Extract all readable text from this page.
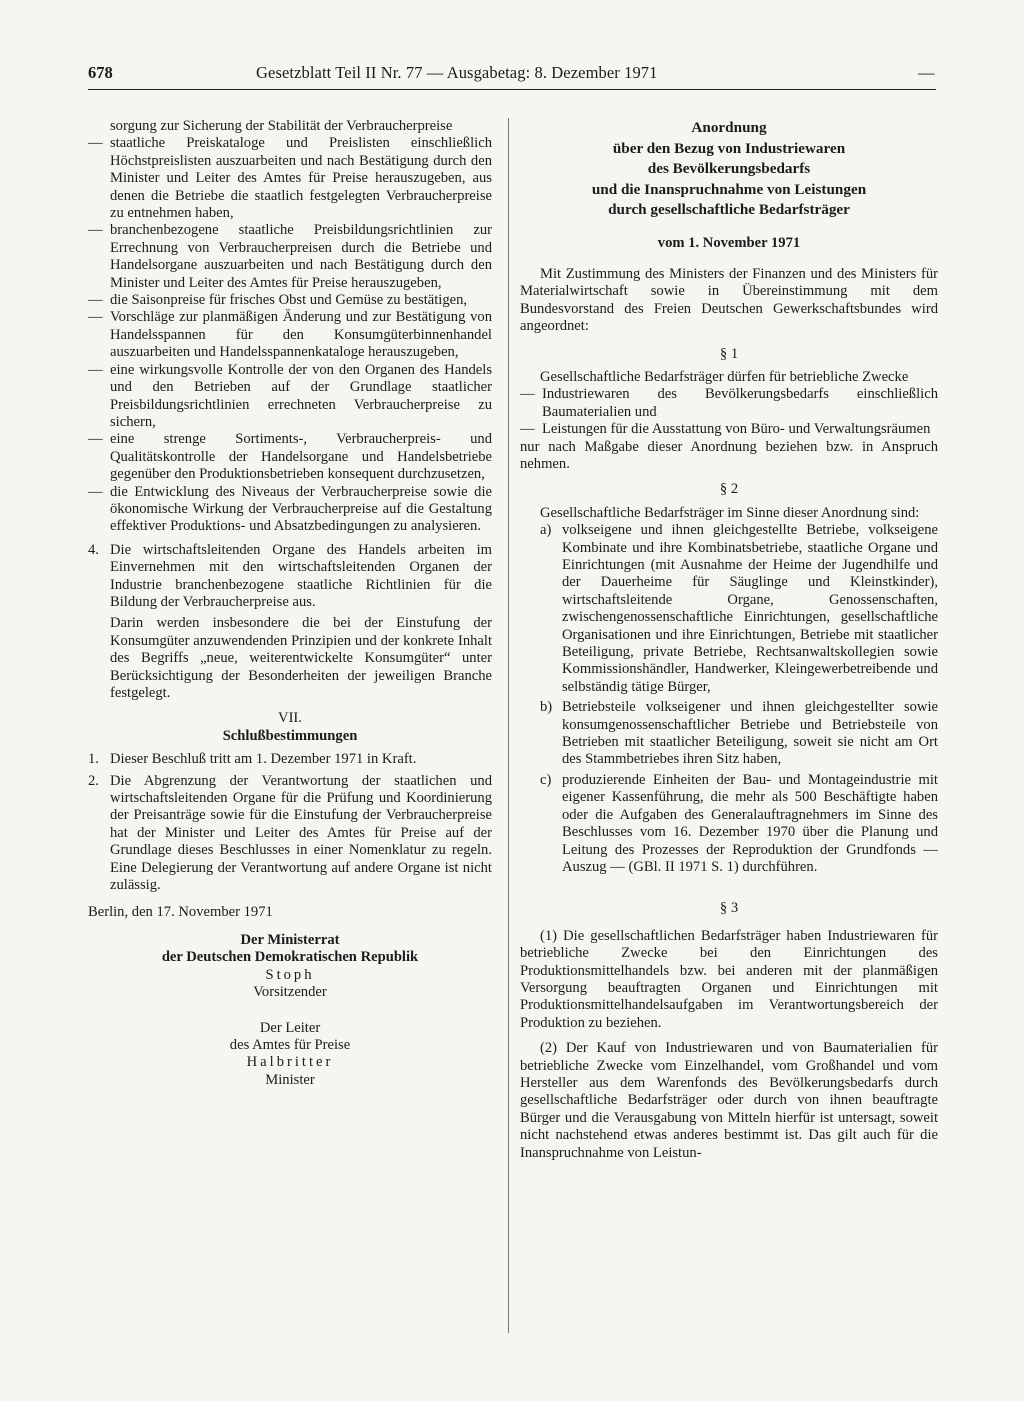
678	Gesetzblatt Teil II Nr. 77 — Ausgabetag: 8. Dezember 1971	—

sorgung zur Sicherung der Stabilität der Verbraucherpreise

— staatliche Preiskataloge und Preislisten einschließlich Höchstpreislisten auszuarbeiten und nach Bestätigung durch den Minister und Leiter des Amtes für Preise herauszugeben, aus denen die Betriebe die staatlich festgelegten Verbraucherpreise zu entnehmen haben,
— branchenbezogene staatliche Preisbildungsrichtlinien zur Errechnung von Verbraucherpreisen durch die Betriebe und Handelsorgane auszuarbeiten und nach Bestätigung durch den Minister und Leiter des Amtes für Preise herauszugeben,
— die Saisonpreise für frisches Obst und Gemüse zu bestätigen,
— Vorschläge zur planmäßigen Änderung und zur Bestätigung von Handelsspannen für den Konsumgüterbinnenhandel auszuarbeiten und Handelsspannenkataloge herauszugeben,
— eine wirkungsvolle Kontrolle der von den Organen des Handels und den Betrieben auf der Grundlage staatlicher Preisbildungsrichtlinien errechneten Verbraucherpreise zu sichern,
— eine strenge Sortiments-, Verbraucherpreis- und Qualitätskontrolle der Handelsorgane und Handelsbetriebe gegenüber den Produktionsbetrieben konsequent durchzusetzen,
— die Entwicklung des Niveaus der Verbraucherpreise sowie die ökonomische Wirkung der Verbraucherpreise auf die Gestaltung effektiver Produktions- und Absatzbedingungen zu analysieren.
4. Die wirtschaftsleitenden Organe des Handels arbeiten im Einvernehmen mit den wirtschaftsleitenden Organen der Industrie branchenbezogene staatliche Richtlinien für die Bildung der Verbraucherpreise aus.

Darin werden insbesondere die bei der Einstufung der Konsumgüter anzuwendenden Prinzipien und der konkrete Inhalt des Begriffs „neue, weiterentwickelte Konsumgüter“ unter Berücksichtigung der Besonderheiten der jeweiligen Branche festgelegt.

VII.

Schlußbestimmungen

1. Dieser Beschluß tritt am 1. Dezember 1971 in Kraft.
2. Die Abgrenzung der Verantwortung der staatlichen und wirtschaftsleitenden Organe für die Prüfung und Koordinierung der Preisanträge sowie für die Einstufung der Verbraucherpreise hat der Minister und Leiter des Amtes für Preise auf der Grundlage dieses Beschlusses in einer Nomenklatur zu regeln. Eine Delegierung der Verantwortung auf andere Organe ist nicht zulässig.

Berlin, den 17. November 1971

Der Ministerrat

der Deutschen Demokratischen Republik

Stoph

Vorsitzender

Der Leiter

des Amtes für Preise

Halbritter

Minister

Anordnung

über den Bezug von Industriewaren

des Bevölkerungsbedarfs

und die Inanspruchnahme von Leistungen

durch gesellschaftliche Bedarfsträger

vom 1. November 1971

Mit Zustimmung des Ministers der Finanzen und des Ministers für Materialwirtschaft sowie in Übereinstimmung mit dem Bundesvorstand des Freien Deutschen Gewerkschaftsbundes wird angeordnet:

§ 1

Gesellschaftliche Bedarfsträger dürfen für betriebliche Zwecke

— Industriewaren des Bevölkerungsbedarfs einschließlich Baumaterialien und
— Leistungen für die Ausstattung von Büro- und Verwaltungsräumen

nur nach Maßgabe dieser Anordnung beziehen bzw. in Anspruch nehmen.

§ 2

Gesellschaftliche Bedarfsträger im Sinne dieser Anordnung sind:

a) volkseigene und ihnen gleichgestellte Betriebe, volkseigene Kombinate und ihre Kombinatsbetriebe, staatliche Organe und Einrichtungen (mit Ausnahme der Heime der Jugendhilfe und der Dauerheime für Säuglinge und Kleinstkinder), wirtschaftsleitende Organe, Genossenschaften, zwischengenossenschaftliche Einrichtungen, gesellschaftliche Organisationen und ihre Einrichtungen, Betriebe mit staatlicher Beteiligung, private Betriebe, Rechtsanwaltskollegien sowie Kommissionshändler, Handwerker, Kleingewerbetreibende und selbständig tätige Bürger,
b) Betriebsteile volkseigener und ihnen gleichgestellter sowie konsumgenossenschaftlicher Betriebe und Betriebsteile von Betrieben mit staatlicher Beteiligung, soweit sie nicht am Ort des Stammbetriebes ihren Sitz haben,
c) produzierende Einheiten der Bau- und Montageindustrie mit eigener Kassenführung, die mehr als 500 Beschäftigte haben oder die Aufgaben des Generalauftragnehmers im Sinne des Beschlusses vom 16. Dezember 1970 über die Planung und Leitung des Prozesses der Reproduktion der Grundfonds — Auszug — (GBl. II 1971 S. 1) durchführen.

§ 3

(1) Die gesellschaftlichen Bedarfsträger haben Industriewaren für betriebliche Zwecke bei den Einrichtungen des Produktionsmittelhandels bzw. bei anderen mit der planmäßigen Versorgung beauftragten Organen und Einrichtungen mit Produktionsmittelhandelsaufgaben im Verantwortungsbereich der Produktion zu beziehen.

(2) Der Kauf von Industriewaren und von Baumaterialien für betriebliche Zwecke vom Einzelhandel, vom Großhandel und vom Hersteller aus dem Warenfonds des Bevölkerungsbedarfs durch gesellschaftliche Bedarfsträger oder durch von ihnen beauftragte Bürger und die Verausgabung von Mitteln hierfür ist untersagt, soweit nicht nachstehend etwas anderes bestimmt ist. Das gilt auch für die Inanspruchnahme von Leistun-
